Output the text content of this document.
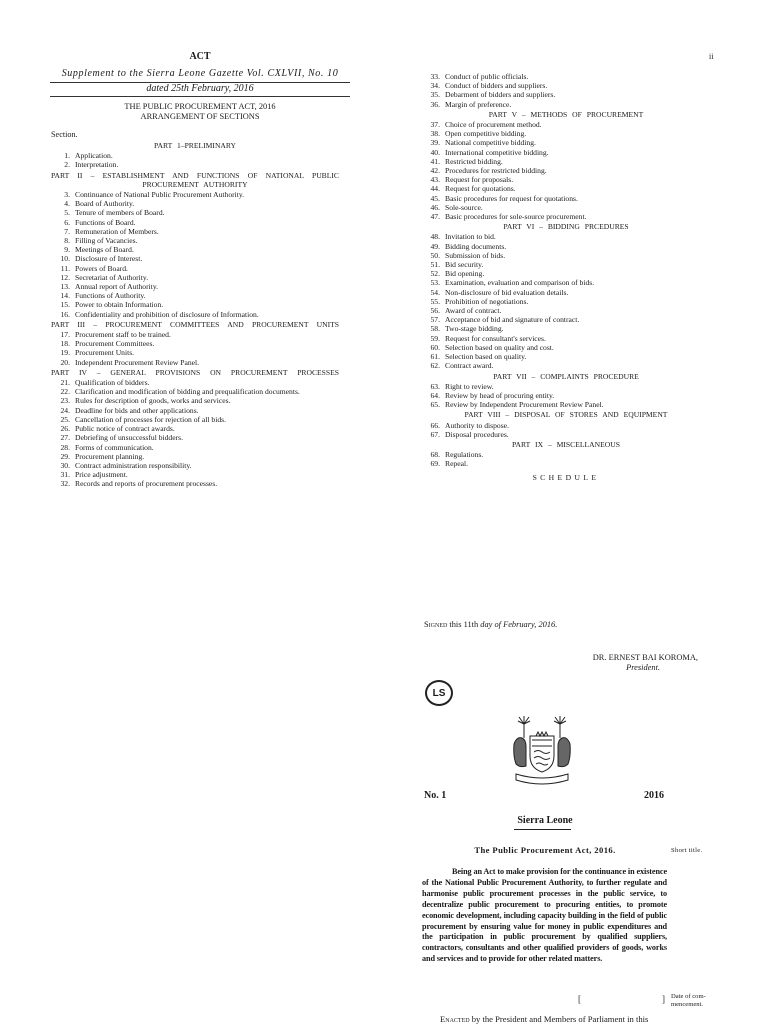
ACT
Supplement to the Sierra Leone Gazette Vol. CXLVII, No. 10
dated 25th February, 2016
THE PUBLIC PROCUREMENT ACT, 2016
ARRANGEMENT OF SECTIONS
Section.
PART 1–PRELIMINARY
1. Application.
2. Interpretation.
PART II – ESTABLISHMENT AND FUNCTIONS OF NATIONAL PUBLIC
PROCUREMENT AUTHORITY
3. Continuance of National Public Procurement Authority.
4. Board of Authority.
5. Tenure of members of Board.
6. Functions of Board.
7. Remuneration of Members.
8. Filling of Vacancies.
9. Meetings of Board.
10. Disclosure of Interest.
11. Powers of Board.
12. Secretariat of Authority.
13. Annual report of Authority.
14. Functions of Authority.
15. Power to obtain Information.
16. Confidentiality and prohibition of disclosure of Information.
PART III – PROCUREMENT COMMITTEES AND PROCUREMENT UNITS
17. Procurement staff to be trained.
18. Procurement Committees.
19. Procurement Units.
20. Independent Procurement Review Panel.
PART IV – GENERAL PROVISIONS ON PROCUREMENT PROCESSES
21. Qualification of bidders.
22. Clarification and modification of bidding and prequalification documents.
23. Rules for description of goods, works and services.
24. Deadline for bids and other applications.
25. Cancellation of processes for rejection of all bids.
26. Public notice of contract awards.
27. Debriefing of unsuccessful bidders.
28. Forms of communication.
29. Procurement planning.
30. Contract administration responsibility.
31. Price adjustment.
32. Records and reports of procurement processes.
33. Conduct of public officials.
34. Conduct of bidders and suppliers.
35. Debarment of bidders and suppliers.
36. Margin of preference.
PART V – METHODS OF PROCUREMENT
37. Choice of procurement method.
38. Open competitive bidding.
39. National competitive bidding.
40. International competitive bidding.
41. Restricted bidding.
42. Procedures for restricted bidding.
43. Request for proposals.
44. Request for quotations.
45. Basic procedures for request for quotations.
46. Sole-source.
47. Basic procedures for sole-source procurement.
PART VI – BIDDING PRCEDURES
48. Invitation to bid.
49. Bidding documents.
50. Submission of bids.
51. Bid security.
52. Bid opening.
53. Examination, evaluation and comparison of bids.
54. Non-disclosure of bid evaluation details.
55. Prohibition of negotiations.
56. Award of contract.
57. Acceptance of bid and signature of contract.
58. Two-stage bidding.
59. Request for consultant's services.
60. Selection based on quality and cost.
61. Selection based on quality.
62. Contract award.
PART VII – COMPLAINTS PROCEDURE
63. Right to review.
64. Review by head of procuring entity.
65. Review by Independent Procurement Review Panel.
PART VIII – DISPOSAL OF STORES AND EQUIPMENT
66. Authority to dispose.
67. Disposal procedures.
PART IX – MISCELLANEOUS
68. Regulations.
69. Repeal.
SCHEDULE
ii
Signed this 11th day of February, 2016.
DR. ERNEST BAI KOROMA,
President.
LS
No. 1	2016
Sierra Leone
The Public Procurement Act, 2016.	Short title.

Being an Act to make provision for the continuance in existence of the National Public Procurement Authority, to further regulate and harmonise public procurement processes in the public service, to decentralize public procurement to procuring entities, to promote economic development, including capacity building in the field of public procurement by ensuring value for money in public expenditures and the participation in public procurement by qualified suppliers, contractors, consultants and other qualified providers of goods, works and services and to provide for other related matters.

[	] Date of com-
mencement.
Enacted by the President and Members of Parliament in this
